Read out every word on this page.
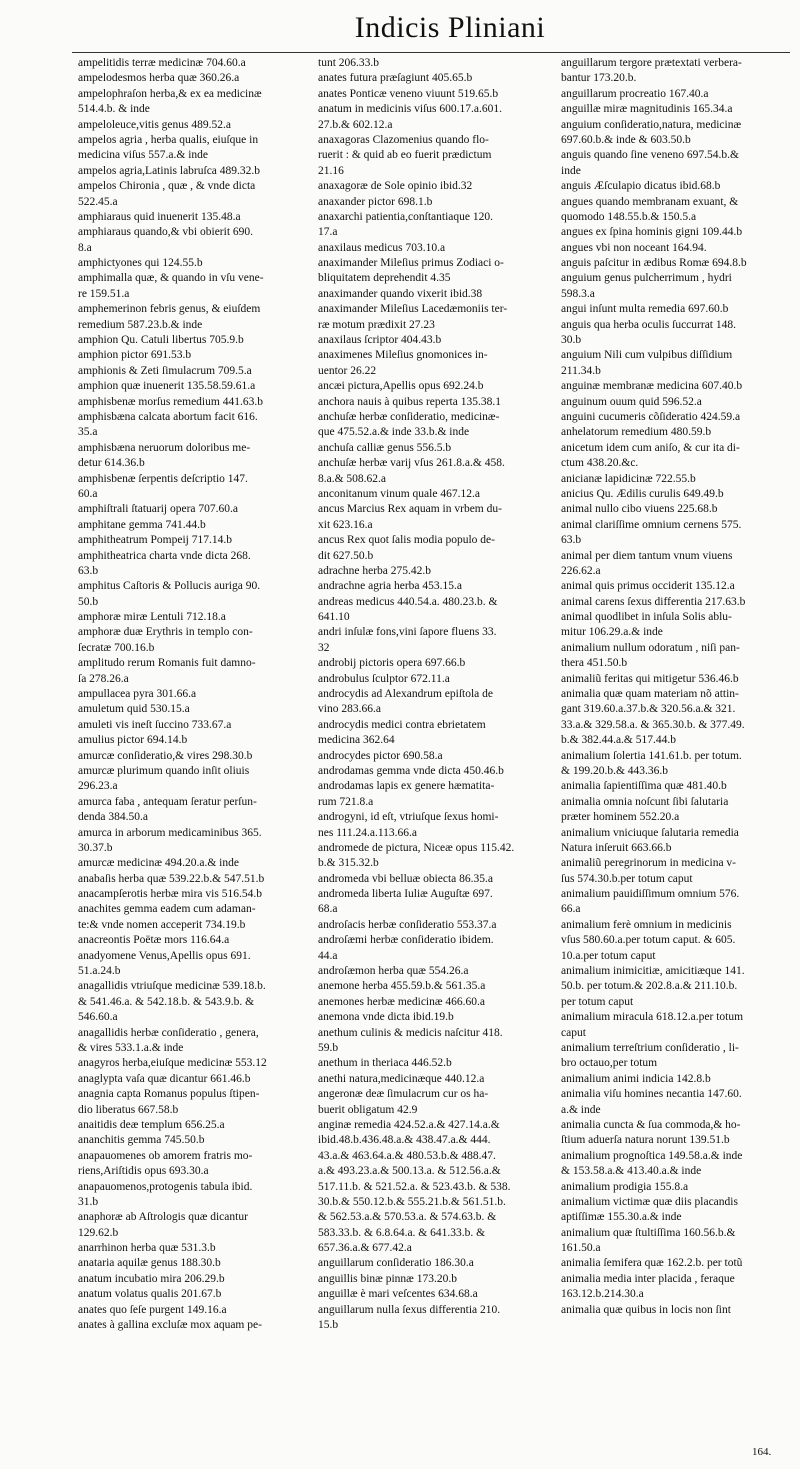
Indicis Pliniani
ampelitidis terræ medicinæ 704.60.a
ampelodesmos herba quæ 360.26.a
ampelophraſon herba,& ex ea medicinæ
514.4.b. & inde
ampeloleuce,vitis genus 489.52.a
ampelos agria , herba qualis, eiuſque in
medicina viſus 557.a.& inde
ampelos agria,Latinis labruſca 489.32.b
ampelos Chironia , quæ , & vnde dicta
522.45.a
amphiaraus quid inuenerit 135.48.a
amphiaraus quando,& vbi obierit 690.
8.a
amphictyones qui 124.55.b
amphimalla quæ, & quando in vſu vene-
re 159.51.a
amphemerinon febris genus, & eiuſdem
remedium 587.23.b.& inde
amphion Qu. Catuli libertus 705.9.b
amphion pictor 691.53.b
amphionis & Zeti ſimulacrum 709.5.a
amphion quæ inuenerit 135.58.59.61.a
amphisbenæ morſus remedium 441.63.b
amphisbæna calcata abortum facit 616.
35.a
amphisbæna neruorum doloribus me-
detur 614.36.b
amphisbenæ ſerpentis deſcriptio 147.
60.a
amphiſtrali ſtatuarij opera 707.60.a
amphitane gemma 741.44.b
amphitheatrum Pompeij 717.14.b
amphitheatrica charta vnde dicta 268.
63.b
amphitus Caſtoris & Pollucis auriga 90.
50.b
amphoræ miræ Lentuli 712.18.a
amphoræ duæ Erythris in templo con-
ſecratæ 700.16.b
amplitudo rerum Romanis fuit damno-
ſa 278.26.a
ampullacea pyra 301.66.a
amuletum quid 530.15.a
amuleti vis ineſt ſuccino 733.67.a
amulius pictor 694.14.b
amurcæ conſideratio,& vires 298.30.b
amurcæ plurimum quando inſit oliuis
296.23.a
amurca faba , antequam ſeratur perſun-
denda 384.50.a
amurca in arborum medicaminibus 365.
30.37.b
amurcæ medicinæ 494.20.a.& inde
anabaſis herba quæ 539.22.b.& 547.51.b
anacampſerotis herbæ mira vis 516.54.b
anachites gemma eadem cum adaman-
te:& vnde nomen acceperit 734.19.b
anacreontis Poëtæ mors 116.64.a
anadyomene Venus,Apellis opus 691.
51.a.24.b
anagallidis vtriuſque medicinæ 539.18.b.
& 541.46.a. & 542.18.b. & 543.9.b. &
546.60.a
anagallidis herbæ conſideratio , genera,
& vires 533.1.a.& inde
anagyros herba,eiuſque medicinæ 553.12
anaglypta vaſa quæ dicantur 661.46.b
anagnia capta Romanus populus ſtipen-
dio liberatus 667.58.b
anaitidis deæ templum 656.25.a
ananchitis gemma 745.50.b
anapauomenes ob amorem fratris mo-
riens,Ariſtidis opus 693.30.a
anapauomenos,protogenis tabula ibid.
31.b
anaphoræ ab Aſtrologis quæ dicantur
129.62.b
anarrhinon herba quæ 531.3.b
anataria aquilæ genus 188.30.b
anatum incubatio mira 206.29.b
anatum volatus qualis 201.67.b
anates quo ſeſe purgent 149.16.a
anates à gallina excluſæ mox aquam pe-
tunt 206.33.b
anates futura præſagiunt 405.65.b
anates Ponticæ veneno viuunt 519.65.b
anatum in medicinis viſus 600.17.a.601.
27.b.& 602.12.a
anaxagoras Clazomenius quando flo-
ruerit : & quid ab eo fuerit prædictum
21.16
anaxagoræ de Sole opinio ibid.32
anaxander pictor 698.1.b
anaxarchi patientia,conſtantiaque 120.
17.a
anaxilaus medicus 703.10.a
anaximander Mileſius primus Zodiaci o-
bliquitatem deprehendit 4.35
anaximander quando vixerit ibid.38
anaximander Mileſius Lacedæmoniis ter-
ræ motum prædixit 27.23
anaxilaus ſcriptor 404.43.b
anaximenes Mileſius gnomonices in-
uentor 26.22
ancæi pictura,Apellis opus 692.24.b
anchora nauis à quibus reperta 135.38.1
anchuſæ herbæ conſideratio, medicinæ-
que 475.52.a.& inde 33.b.& inde
anchuſa calliæ genus 556.5.b
anchuſæ herbæ varij vſus 261.8.a.& 458.
8.a.& 508.62.a
anconitanum vinum quale 467.12.a
ancus Marcius Rex aquam in vrbem du-
xit 623.16.a
ancus Rex quot ſalis modia populo de-
dit 627.50.b
adrachne herba 275.42.b
andrachne agria herba 453.15.a
andreas medicus 440.54.a. 480.23.b. &
641.10
andri inſulæ fons,vini ſapore fluens 33.
32
androbij pictoris opera 697.66.b
androbulus ſculptor 672.11.a
androcydis ad Alexandrum epiſtola de
vino 283.66.a
androcydis medici contra ebrietatem
medicina 362.64
androcydes pictor 690.58.a
androdamas gemma vnde dicta 450.46.b
androdamas lapis ex genere hæmatita-
rum 721.8.a
androgyni, id eſt, vtriuſque ſexus homi-
nes 111.24.a.113.66.a
andromede de pictura, Niceæ opus 115.42.
b.& 315.32.b
andromeda vbi belluæ obiecta 86.35.a
andromeda liberta Iuliæ Auguſtæ 697.
68.a
androſacis herbæ conſideratio 553.37.a
androſæmi herbæ conſideratio ibidem.
44.a
androſæmon herba quæ 554.26.a
anemone herba 455.59.b.& 561.35.a
anemones herbæ medicinæ 466.60.a
anemona vnde dicta ibid.19.b
anethum culinis & medicis naſcitur 418.
59.b
anethum in theriaca 446.52.b
anethi natura,medicinæque 440.12.a
angeronæ deæ ſimulacrum cur os ha-
buerit obligatum 42.9
anginæ remedia 424.52.a.& 427.14.a.&
ibid.48.b.436.48.a.& 438.47.a.& 444.
43.a.& 463.64.a.& 480.53.b.& 488.47.
a.& 493.23.a.& 500.13.a. & 512.56.a.&
517.11.b. & 521.52.a. & 523.43.b. & 538.
30.b.& 550.12.b.& 555.21.b.& 561.51.b.
& 562.53.a.& 570.53.a. & 574.63.b. &
583.33.b. & 6.8.64.a. & 641.33.b. &
657.36.a.& 677.42.a
anguillarum conſideratio 186.30.a
anguillis binæ pinnæ 173.20.b
anguillæ è mari veſcentes 634.68.a
anguillarum nulla ſexus differentia 210.
15.b
anguillarum tergore prætextati verbera-
bantur 173.20.b.
anguillarum procreatio 167.40.a
anguillæ miræ magnitudinis 165.34.a
anguium conſideratio,natura, medicinæ
697.60.b.& inde & 603.50.b
anguis quando ſine veneno 697.54.b.&
inde
anguis Æſculapio dicatus ibid.68.b
angues quando membranam exuant, &
quomodo 148.55.b.& 150.5.a
angues ex ſpina hominis gigni 109.44.b
angues vbi non noceant 164.94.
anguis paſcitur in ædibus Romæ 694.8.b
anguium genus pulcherrimum , hydri
598.3.a
angui inſunt multa remedia 697.60.b
anguis qua herba oculis ſuccurrat 148.
30.b
anguium Nili cum vulpibus diſſidium
211.34.b
anguinæ membranæ medicina 607.40.b
anguinum ouum quid 596.52.a
anguini cucumeris cõſideratio 424.59.a
anhelatorum remedium 480.59.b
anicetum idem cum aniſo, & cur ita di-
ctum 438.20.&c.
anicianæ lapidicinæ 722.55.b
anicius Qu. Ædilis curulis 649.49.b
animal nullo cibo viuens 225.68.b
animal clariſſime omnium cernens 575.
63.b
animal per diem tantum vnum viuens
226.62.a
animal quis primus occiderit 135.12.a
animal carens ſexus differentia 217.63.b
animal quodlibet in inſula Solis ablu-
mitur 106.29.a.& inde
animalium nullum odoratum , niſi pan-
thera 451.50.b
animaliũ feritas qui mitigetur 536.46.b
animalia quæ quam materiam nõ attin-
gant 319.60.a.37.b.& 320.56.a.& 321.
33.a.& 329.58.a. & 365.30.b. & 377.49.
b.& 382.44.a.& 517.44.b
animalium ſolertia 141.61.b. per totum.
& 199.20.b.& 443.36.b
animalia ſapientiſſima quæ 481.40.b
animalia omnia noſcunt ſibi ſalutaria
præter hominem 552.20.a
animalium vniciuque ſalutaria remedia
Natura inſeruit 663.66.b
animaliũ peregrinorum in medicina v-
ſus 574.30.b.per totum caput
animalium pauidiſſimum omnium 576.
66.a
animalium ferè omnium in medicinis
vſus 580.60.a.per totum caput. & 605.
10.a.per totum caput
animalium inimicitiæ, amicitiæque 141.
50.b. per totum.& 202.8.a.& 211.10.b.
per totum caput
animalium miracula 618.12.a.per totum
caput
animalium terreſtrium conſideratio , li-
bro octauo,per totum
animalium animi indicia 142.8.b
animalia viſu homines necantia 147.60.
a.& inde
animalia cuncta & ſua commoda,& ho-
ſtium aduerſa natura norunt 139.51.b
animalium prognoſtica 149.58.a.& inde
& 153.58.a.& 413.40.a.& inde
animalium prodigia 155.8.a
animalium victimæ quæ diis placandis
aptiſſimæ 155.30.a.& inde
animalium quæ ſtultiſſima 160.56.b.&
161.50.a
animalia ſemifera quæ 162.2.b. per totũ
animalia media inter placida , feraque
163.12.b.214.30.a
animalia quæ quibus in locis non ſint
164.
